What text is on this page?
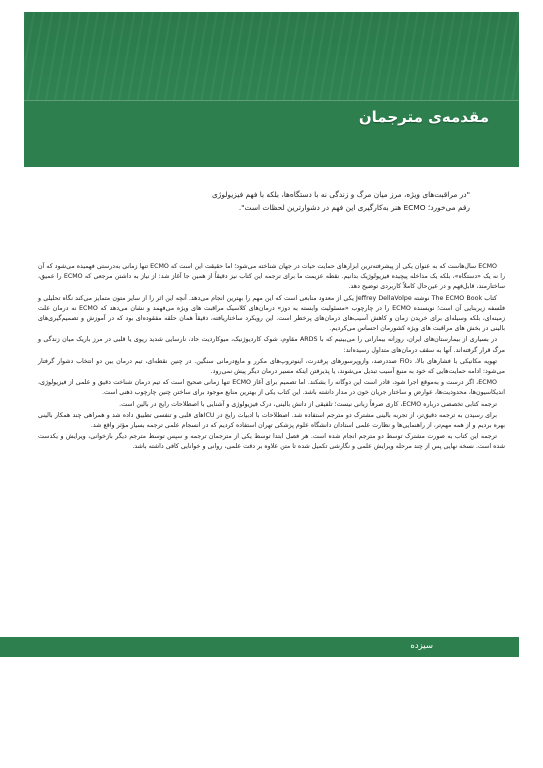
مقدمه‌ی مترجمان
"در مراقبت‌های ویژه، مرز میان مرگ و زندگی نه با دستگاه‌ها، بلکه با فهم فیزیولوژی رقم می‌خورد؛ ECMO هنر به‌کارگیری این فهم در دشوارترین لحظات است".

ECMO سال‌هاست که به عنوان یکی از پیشرفته‌ترین ابزارهای حمایت حیات در جهان شناخته می‌شود؛ اما حقیقت این است که ECMO تنها زمانی به‌درستی فهمیده می‌شود که آن را نه یک «دستگاه»، بلکه یک مداخله پیچیده فیزیولوژیک بدانیم. نقطه عزیمت ما برای ترجمه این کتاب نیز دقیقاً از همین جا آغاز شد: از نیاز به داشتن مرجعی که ECMO را عمیق، ساختارمند، قابل‌فهم و در عین‌حال کاملاً کاربردی توضیح دهد.

کتاب The ECMO Book نوشته Jeffrey DellaVolpe یکی از معدود منابعی است که این مهم را بهترین انجام می‌دهد. آنچه این اثر را از سایر متون متمایز می‌کند نگاه تحلیلی و فلسفه زیربنایی آن است؛ نویسنده ECMO را در چارچوب «مسئولیت وابسته به دوز» درمان‌های کلاسیک مراقبت های ویژه می‌فهمد و نشان می‌دهد که ECMO نه درمان علت زمینه‌ای، بلکه وسیله‌ای برای خریدن زمان و کاهش آسیب‌های درمان‌های پرخطر است. این رویکرد ساختاریافته، دقیقاً همان حلقه مفقوده‌ای بود که در آموزش و تصمیم‌گیری‌های بالینی در بخش های مراقبت های ویژه کشورمان احساس می‌کردیم.

در بسیاری از بیمارستان‌های ایران، روزانه بیمارانی را می‌بینیم که با ARDS مقاوم، شوک کاردیوژنیک، میوکاردیت حاد، نارسایی شدید ریوی یا قلبی در مرز باریک میان زندگی و مرگ قرار گرفته‌اند. آنها به سقف درمان‌های متداول رسیده‌اند:

تهویه مکانیکی با فشارهای بالا، FiO₂ صددرصد، وازوپرسورهای پرقدرت، اینوتروپ‌های مکرر و مایع‌درمانی سنگین. در چنین نقطه‌ای، تیم درمان بین دو انتخاب دشوار گرفتار می‌شود: ادامه حمایت‌هایی که خود به منبع آسیب تبدیل می‌شوند، یا پذیرفتن اینکه مسیر درمان دیگر پیش نمی‌رود.

ECMO، اگر درست و به‌موقع اجرا شود، قادر است این دوگانه را بشکند. اما تصمیم برای آغاز ECMO تنها زمانی صحیح است که تیم درمان شناخت دقیق و علمی از فیزیولوژی، اندیکاسیون‌ها، محدودیت‌ها، عوارض و ساختار جریان خون در مدار داشته باشد. این کتاب یکی از بهترین منابع موجود برای ساختن چنین چارچوب ذهنی است.

ترجمه کتابی تخصصی درباره ECMO، کاری صرفاً زبانی نیست؛ تلفیقی از دانش بالینی، درک فیزیولوژی و آشنایی با اصطلاحات رایج در بالین است.

برای رسیدن به ترجمه دقیق‌تر، از تجربه بالینی مشترک دو مترجم استفاده شد. اصطلاحات با ادبیات رایج در ICUهای قلبی و تنفسی تطبیق داده شد و همراهی چند همکار بالینی بهره بردیم و از همه مهم‌تر، از راهنمایی‌ها و نظارت علمی استادان دانشگاه علوم پزشکی تهران استفاده کردیم که در انسجام علمی ترجمه بسیار مؤثر واقع شد.

ترجمه این کتاب به صورت مشترک توسط دو مترجم انجام شده است. هر فصل ابتدا توسط یکی از مترجمان ترجمه و سپس توسط مترجم دیگر بازخوانی، ویرایش و یکدست شده است. نسخه نهایی پس از چند مرحله ویرایش علمی و نگارشی تکمیل شده تا متن علاوه بر دقت علمی، روانی و خوانایی کافی داشته باشد.

سیزده
